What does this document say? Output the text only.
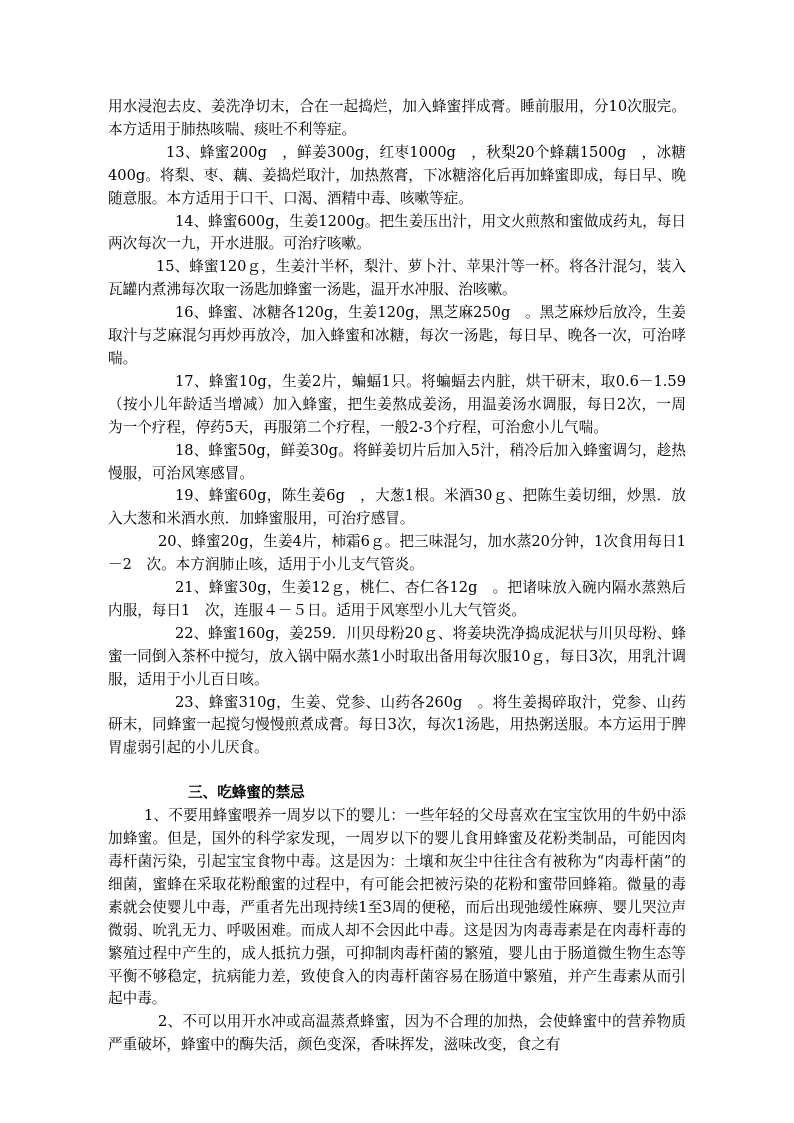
用水浸泡去皮、姜洗净切末，合在一起捣烂，加入蜂蜜拌成膏。睡前服用，分10次服完。本方适用于肺热咳喘、痰吐不利等症。

13、蜂蜜200g　，鲜姜300g，红枣1000g　，秋梨20个蜂藕1500g　，冰糖400g。将梨、枣、藕、姜捣烂取汁，加热熬膏，下冰糖溶化后再加蜂蜜即成，每日早、晚随意服。本方适用于口干、口渴、酒精中毒、咳嗽等症。

14、蜂蜜600g，生姜1200g。把生姜压出汁，用文火煎熬和蜜做成药丸，每日两次每次一九，开水进服。可治疗咳嗽。

15、蜂蜜120ｇ，生姜汁半杯，梨汁、萝卜汁、苹果汁等一杯。将各汁混匀，装入瓦罐内煮沸每次取一汤匙加蜂蜜一汤匙，温开水冲服、治咳嗽。

16、蜂蜜、冰糖各120g，生姜120g，黑芝麻250g　。黑芝麻炒后放冷，生姜取汁与芝麻混匀再炒再放冷，加入蜂蜜和冰糖，每次一汤匙，每日早、晚各一次，可治哮喘。

17、蜂蜜10g，生姜2片，蝙蝠1只。将蝙蝠去内脏，烘干研末，取0.6－1.59（按小儿年龄适当增减）加入蜂蜜，把生姜熬成姜汤，用温姜汤水调服，每日2次，一周为一个疗程，停药5天，再服第二个疗程，一般2-3个疗程，可治愈小儿气喘。

18、蜂蜜50g，鲜姜30g。将鲜姜切片后加入5汁，稍冷后加入蜂蜜调匀，趁热慢服，可治风寒感冒。

19、蜂蜜60g，陈生姜6g　，大葱1根。米酒30ｇ、把陈生姜切细，炒黑．放入大葱和米酒水煎．加蜂蜜服用，可治疗感冒。

20、蜂蜜20g，生姜4片，柿霜6ｇ。把三味混匀，加水蒸20分钟，1次食用每日1　－2　次。本方润肺止咳，适用于小儿支气管炎。

21、蜂蜜30g，生姜12ｇ，桃仁、杏仁各12g　。把诸味放入碗内隔水蒸熟后内服，每日1　次，连服４－５日。适用于风寒型小儿大气管炎。

22、蜂蜜160g，姜259．川贝母粉20ｇ、将姜块洗净捣成泥状与川贝母粉、蜂蜜一同倒入茶杯中搅匀，放入锅中隔水蒸1小时取出备用每次服10ｇ，每日3次，用乳汁调服，适用于小儿百日咳。

23、蜂蜜310g，生姜、党参、山药各260g　。将生姜揭碎取汁，党参、山药研末，同蜂蜜一起搅匀慢慢煎煮成膏。每日3次，每次1汤匙，用热粥送服。本方运用于脾胃虚弱引起的小儿厌食。

三、吃蜂蜜的禁忌

1、不要用蜂蜜喂养一周岁以下的婴儿：一些年轻的父母喜欢在宝宝饮用的牛奶中添加蜂蜜。但是，国外的科学家发现，一周岁以下的婴儿食用蜂蜜及花粉类制品，可能因肉毒杆菌污染，引起宝宝食物中毒。这是因为：土壤和灰尘中往往含有被称为“肉毒杆菌”的细菌，蜜蜂在采取花粉酿蜜的过程中，有可能会把被污染的花粉和蜜带回蜂箱。微量的毒素就会使婴儿中毒，严重者先出现持续1至3周的便秘，而后出现弛缓性麻痹、婴儿哭泣声微弱、吮乳无力、呼吸困难。而成人却不会因此中毒。这是因为肉毒毒素是在肉毒杆毒的繁殖过程中产生的，成人抵抗力强，可抑制肉毒杆菌的繁殖，婴儿由于肠道微生物生态等平衡不够稳定，抗病能力差，致使食入的肉毒杆菌容易在肠道中繁殖，并产生毒素从而引起中毒。

2、不可以用开水冲或高温蒸煮蜂蜜，因为不合理的加热，会使蜂蜜中的营养物质严重破坏，蜂蜜中的酶失活，颜色变深，香味挥发，滋味改变，食之有
